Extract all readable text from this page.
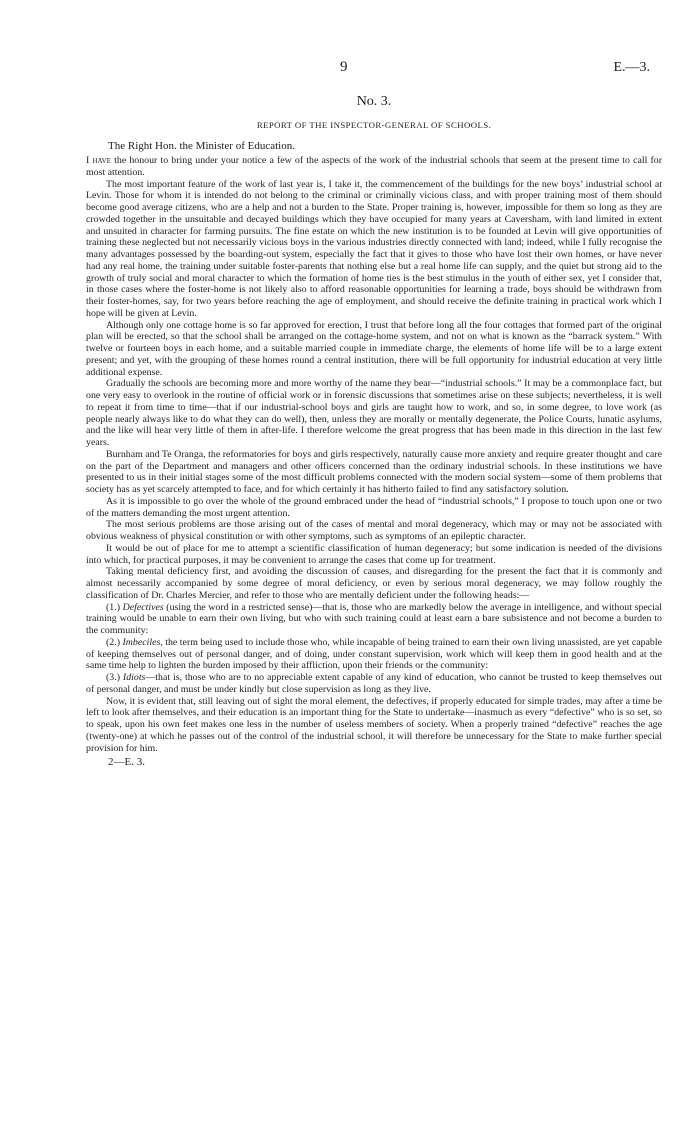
9	E.—3.
No. 3.
REPORT OF THE INSPECTOR-GENERAL OF SCHOOLS.
The Right Hon. the Minister of Education.

I have the honour to bring under your notice a few of the aspects of the work of the industrial schools that seem at the present time to call for most attention.

The most important feature of the work of last year is, I take it, the commencement of the buildings for the new boys’ industrial school at Levin. Those for whom it is intended do not belong to the criminal or criminally vicious class, and with proper training most of them should become good average citizens, who are a help and not a burden to the State. Proper training is, however, impossible for them so long as they are crowded together in the unsuitable and decayed buildings which they have occupied for many years at Caversham, with land limited in extent and unsuited in character for farming pursuits. The fine estate on which the new institution is to be founded at Levin will give opportunities of training these neglected but not necessarily vicious boys in the various industries directly connected with land; indeed, while I fully recognise the many advantages possessed by the boarding-out system, especially the fact that it gives to those who have lost their own homes, or have never had any real home, the training under suitable foster-parents that nothing else but a real home life can supply, and the quiet but strong aid to the growth of truly social and moral character to which the formation of home ties is the best stimulus in the youth of either sex, yet I consider that, in those cases where the foster-home is not likely also to afford reasonable opportunities for learning a trade, boys should be withdrawn from their foster-homes, say, for two years before reaching the age of employment, and should receive the definite training in practical work which I hope will be given at Levin.

Although only one cottage home is so far approved for erection, I trust that before long all the four cottages that formed part of the original plan will be erected, so that the school shall be arranged on the cottage-home system, and not on what is known as the “barrack system.” With twelve or fourteen boys in each home, and a suitable married couple in immediate charge, the elements of home life will be to a large extent present; and yet, with the grouping of these homes round a central institution, there will be full opportunity for industrial education at very little additional expense.

Gradually the schools are becoming more and more worthy of the name they bear—“industrial schools.” It may be a commonplace fact, but one very easy to overlook in the routine of official work or in forensic discussions that sometimes arise on these subjects; nevertheless, it is well to repeat it from time to time—that if our industrial-school boys and girls are taught how to work, and so, in some degree, to love work (as people nearly always like to do what they can do well), then, unless they are morally or mentally degenerate, the Police Courts, lunatic asylums, and the like will hear very little of them in after-life. I therefore welcome the great progress that has been made in this direction in the last few years.

Burnham and Te Oranga, the reformatories for boys and girls respectively, naturally cause more anxiety and require greater thought and care on the part of the Department and managers and other officers concerned than the ordinary industrial schools. In these institutions we have presented to us in their initial stages some of the most difficult problems connected with the modern social system—some of them problems that society has as yet scarcely attempted to face, and for which certainly it has hitherto failed to find any satisfactory solution.

As it is impossible to go over the whole of the ground embraced under the head of “industrial schools,” I propose to touch upon one or two of the matters demanding the most urgent attention.

The most serious problems are those arising out of the cases of mental and moral degeneracy, which may or may not be associated with obvious weakness of physical constitution or with other symptoms, such as symptoms of an epileptic character.

It would be out of place for me to attempt a scientific classification of human degeneracy; but some indication is needed of the divisions into which, for practical purposes, it may be convenient to arrange the cases that come up for treatment.

Taking mental deficiency first, and avoiding the discussion of causes, and disregarding for the present the fact that it is commonly and almost necessarily accompanied by some degree of moral deficiency, or even by serious moral degeneracy, we may follow roughly the classification of Dr. Charles Mercier, and refer to those who are mentally deficient under the following heads:—

(1.) Defectives (using the word in a restricted sense)—that is, those who are markedly below the average in intelligence, and without special training would be unable to earn their own living, but who with such training could at least earn a bare subsistence and not become a burden to the community:

(2.) Imbeciles, the term being used to include those who, while incapable of being trained to earn their own living unassisted, are yet capable of keeping themselves out of personal danger, and of doing, under constant supervision, work which will keep them in good health and at the same time help to lighten the burden imposed by their affliction, upon their friends or the community:

(3.) Idiots—that is, those who are to no appreciable extent capable of any kind of education, who cannot be trusted to keep themselves out of personal danger, and must be under kindly but close supervision as long as they live.

Now, it is evident that, still leaving out of sight the moral element, the defectives, if properly educated for simple trades, may after a time be left to look after themselves, and their education is an important thing for the State to undertake—inasmuch as every “defective” who is so set, so to speak, upon his own feet makes one less in the number of useless members of society. When a properly trained “defective” reaches the age (twenty-one) at which he passes out of the control of the industrial school, it will therefore be unnecessary for the State to make further special provision for him.

2—E. 3.
